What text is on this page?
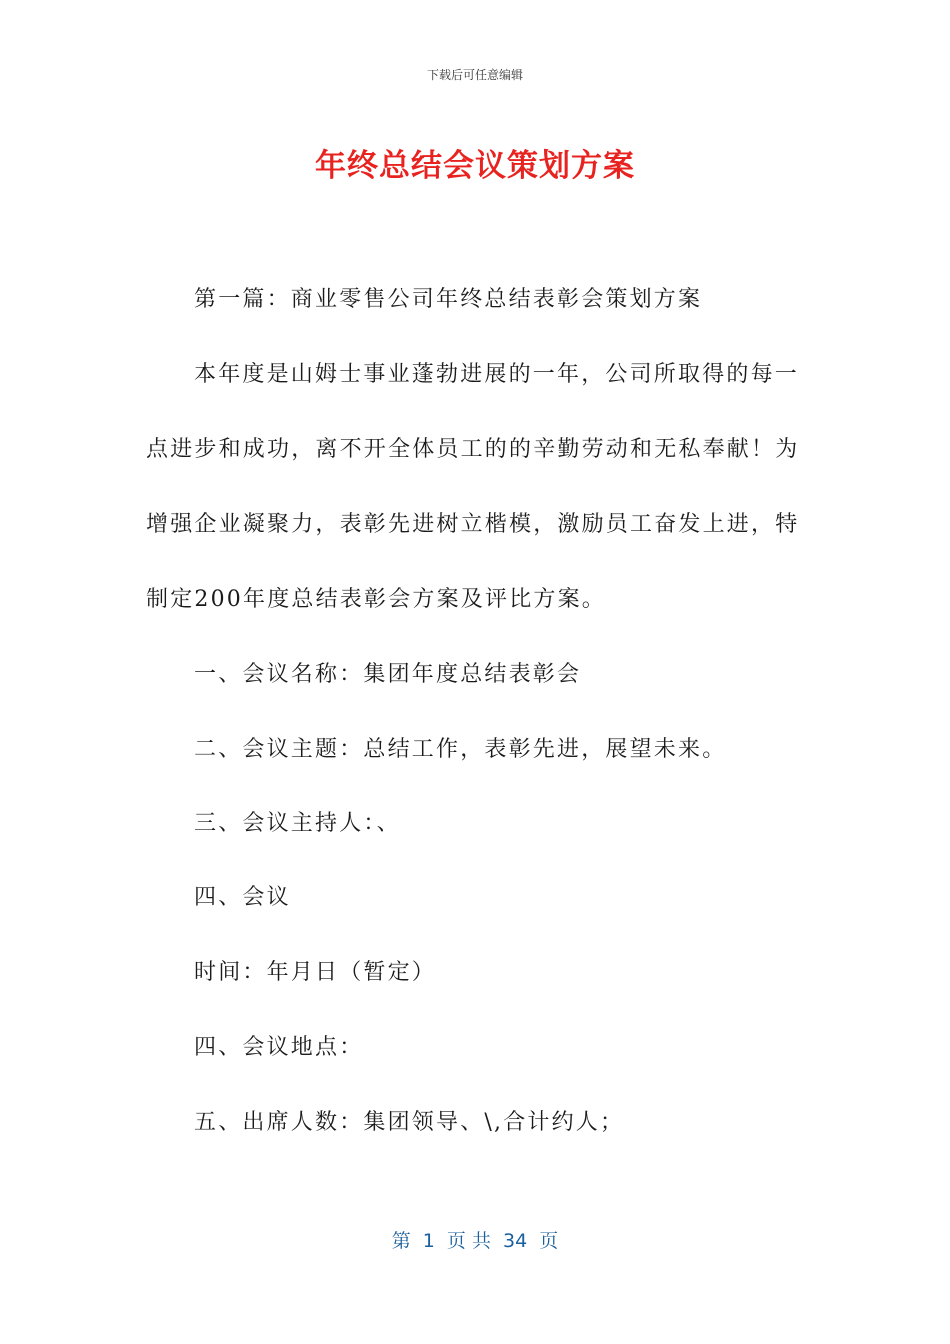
下载后可任意编辑
年终总结会议策划方案
第一篇：商业零售公司年终总结表彰会策划方案
本年度是山姆士事业蓬勃进展的一年，公司所取得的每一
点进步和成功，离不开全体员工的的辛勤劳动和无私奉献！为
增强企业凝聚力，表彰先进树立楷模，激励员工奋发上进，特
制定200年度总结表彰会方案及评比方案。
一、会议名称：集团年度总结表彰会
二、会议主题：总结工作，表彰先进，展望未来。
三、会议主持人：、
四、会议
时间：年月日（暂定）
四、会议地点：
五、出席人数：集团领导、\,合计约人；
第  1  页 共  34  页
